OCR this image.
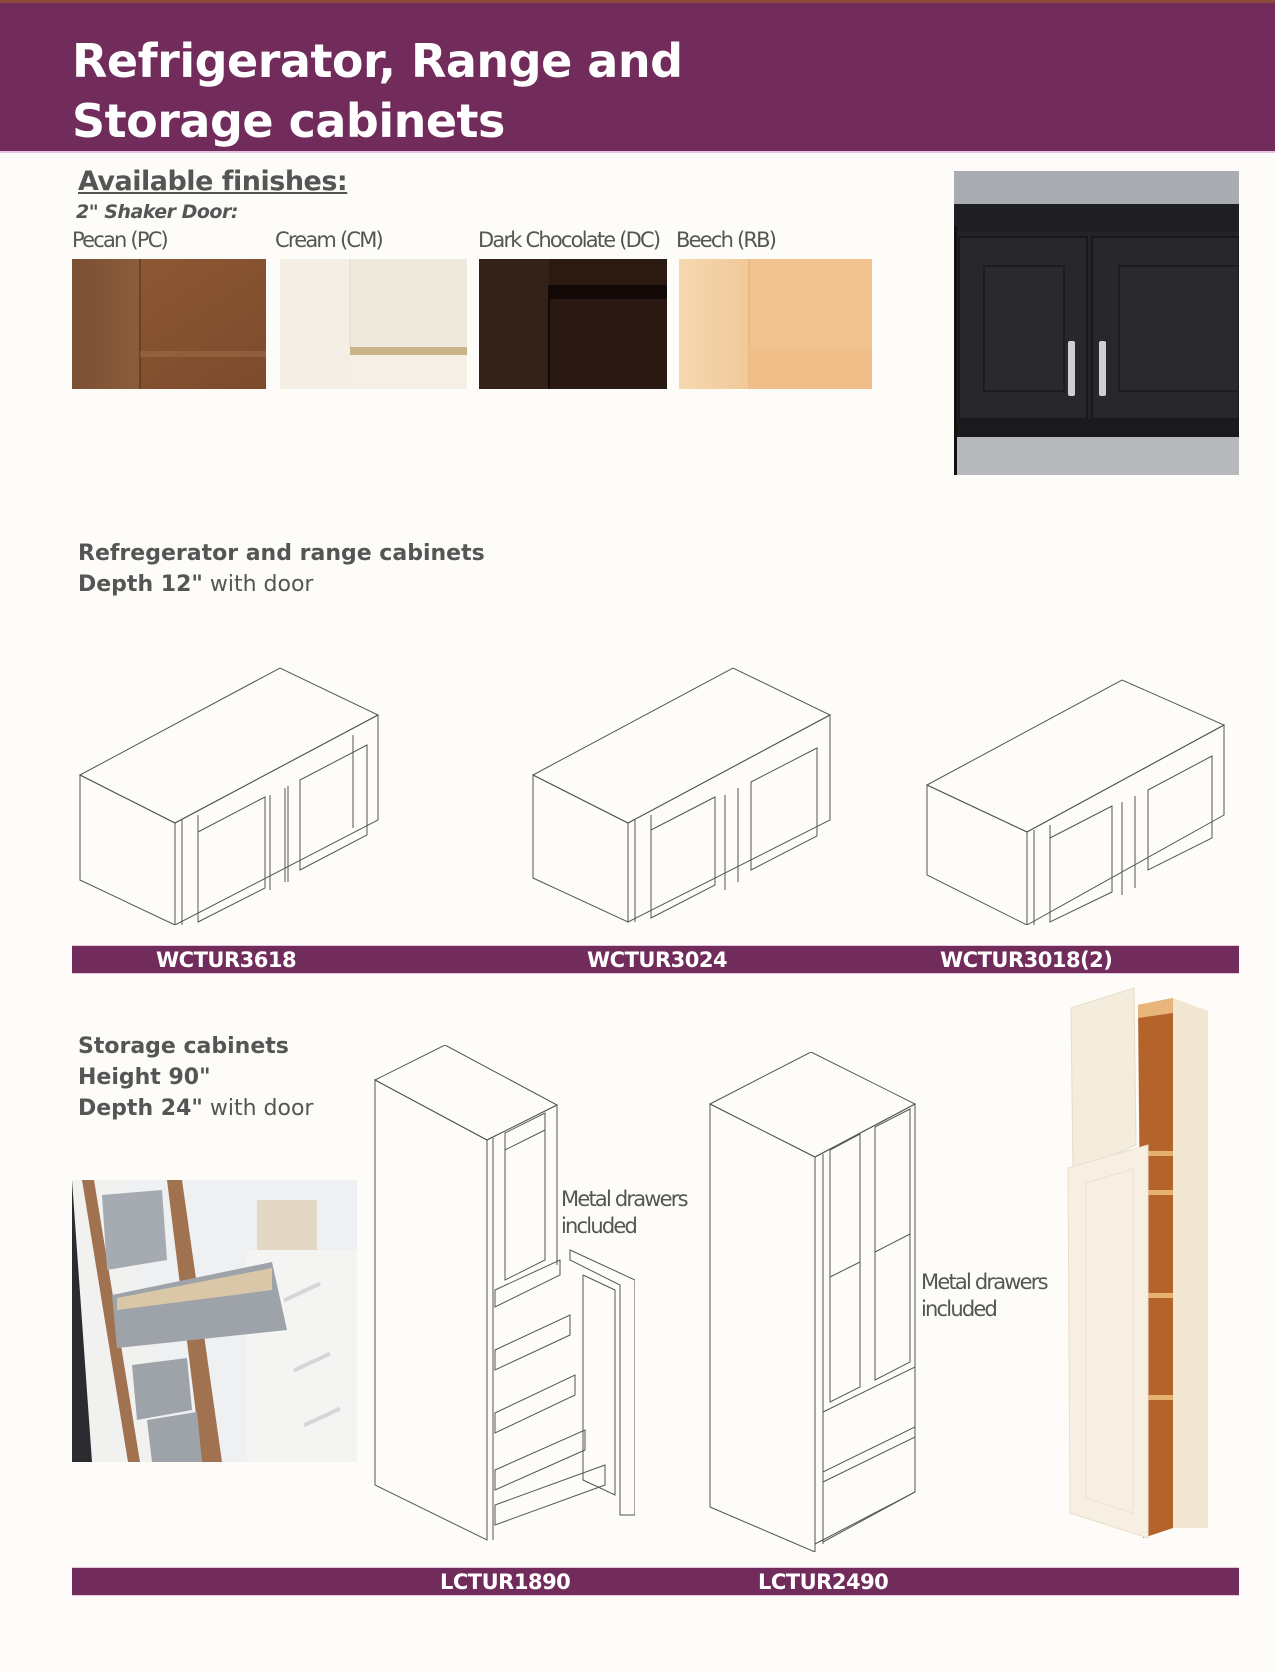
Refrigerator, Range and
Storage cabinets
Available finishes:
2" Shaker Door:
Pecan (PC)	Cream (CM)	Dark Chocolate (DC) Beech (RB)
Refregerator and range cabinets
Depth 12" with door
WCTUR3618	WCTUR3024	WCTUR3018(2)
Storage cabinets
Height 90"
Depth 24" with door
Metal drawers
included
Metal drawers
included
LCTUR1890	LCTUR2490
